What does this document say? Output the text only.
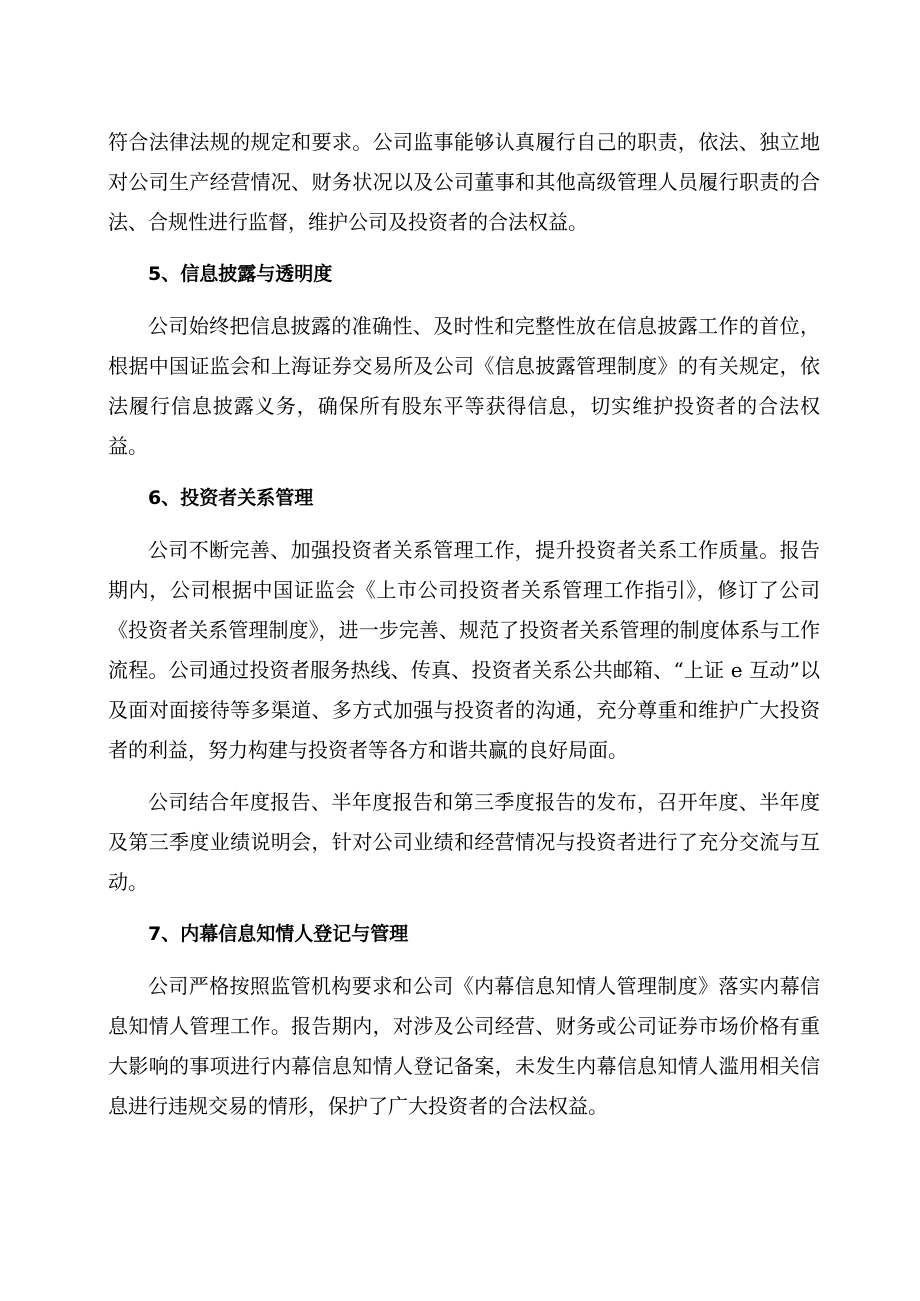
符合法律法规的规定和要求。公司监事能够认真履行自己的职责，依法、独立地对公司生产经营情况、财务状况以及公司董事和其他高级管理人员履行职责的合法、合规性进行监督，维护公司及投资者的合法权益。

5、信息披露与透明度

公司始终把信息披露的准确性、及时性和完整性放在信息披露工作的首位，根据中国证监会和上海证券交易所及公司《信息披露管理制度》的有关规定，依法履行信息披露义务，确保所有股东平等获得信息，切实维护投资者的合法权益。

6、投资者关系管理

公司不断完善、加强投资者关系管理工作，提升投资者关系工作质量。报告期内，公司根据中国证监会《上市公司投资者关系管理工作指引》，修订了公司《投资者关系管理制度》，进一步完善、规范了投资者关系管理的制度体系与工作流程。公司通过投资者服务热线、传真、投资者关系公共邮箱、“上证 e 互动”以及面对面接待等多渠道、多方式加强与投资者的沟通，充分尊重和维护广大投资者的利益，努力构建与投资者等各方和谐共赢的良好局面。

公司结合年度报告、半年度报告和第三季度报告的发布，召开年度、半年度及第三季度业绩说明会，针对公司业绩和经营情况与投资者进行了充分交流与互动。

7、内幕信息知情人登记与管理

公司严格按照监管机构要求和公司《内幕信息知情人管理制度》落实内幕信息知情人管理工作。报告期内，对涉及公司经营、财务或公司证券市场价格有重大影响的事项进行内幕信息知情人登记备案，未发生内幕信息知情人滥用相关信息进行违规交易的情形，保护了广大投资者的合法权益。
